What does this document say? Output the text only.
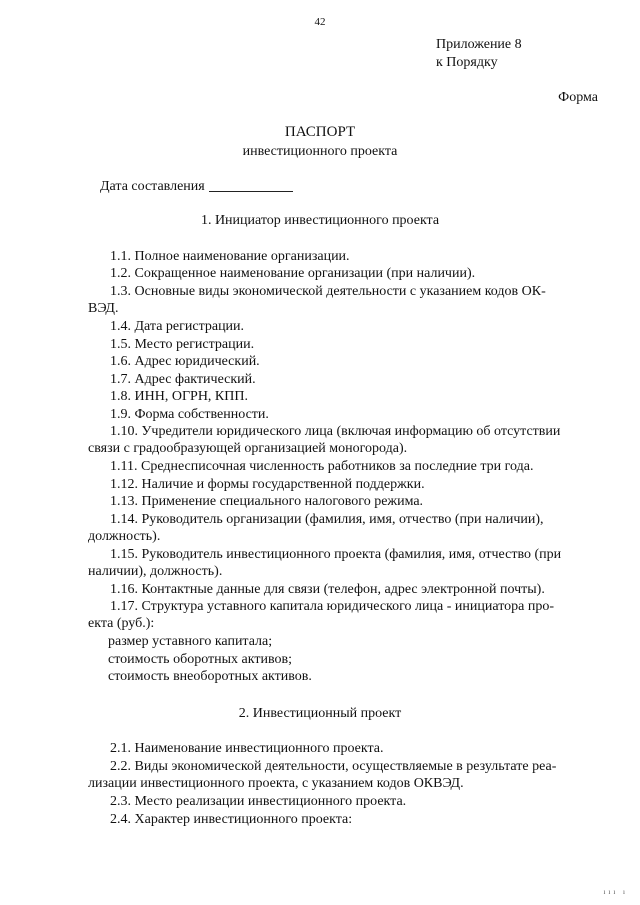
42
Приложение 8
к Порядку
Форма
ПАСПОРТ
инвестиционного проекта
Дата составления
1. Инициатор инвестиционного проекта
1.1. Полное наименование организации.
1.2. Сокращенное наименование организации (при наличии).
1.3. Основные виды экономической деятельности с указанием кодов ОК-
ВЭД.
1.4. Дата регистрации.
1.5. Место регистрации.
1.6. Адрес юридический.
1.7. Адрес фактический.
1.8. ИНН, ОГРН, КПП.
1.9. Форма собственности.
1.10. Учредители юридического лица (включая информацию об отсутствии
связи с градообразующей организацией моногорода).
1.11. Среднесписочная численность работников за последние три года.
1.12. Наличие и формы государственной поддержки.
1.13. Применение специального налогового режима.
1.14. Руководитель организации (фамилия, имя, отчество (при наличии),
должность).
1.15. Руководитель инвестиционного проекта (фамилия, имя, отчество (при
наличии), должность).
1.16. Контактные данные для связи (телефон, адрес электронной почты).
1.17. Структура уставного капитала юридического лица - инициатора про-
екта (руб.):
размер уставного капитала;
стоимость оборотных активов;
стоимость внеоборотных активов.
2. Инвестиционный проект
2.1. Наименование инвестиционного проекта.
2.2. Виды экономической деятельности, осуществляемые в результате реа-
лизации инвестиционного проекта, с указанием кодов ОКВЭД.
2.3. Место реализации инвестиционного проекта.
2.4. Характер инвестиционного проекта:
ııı ı
